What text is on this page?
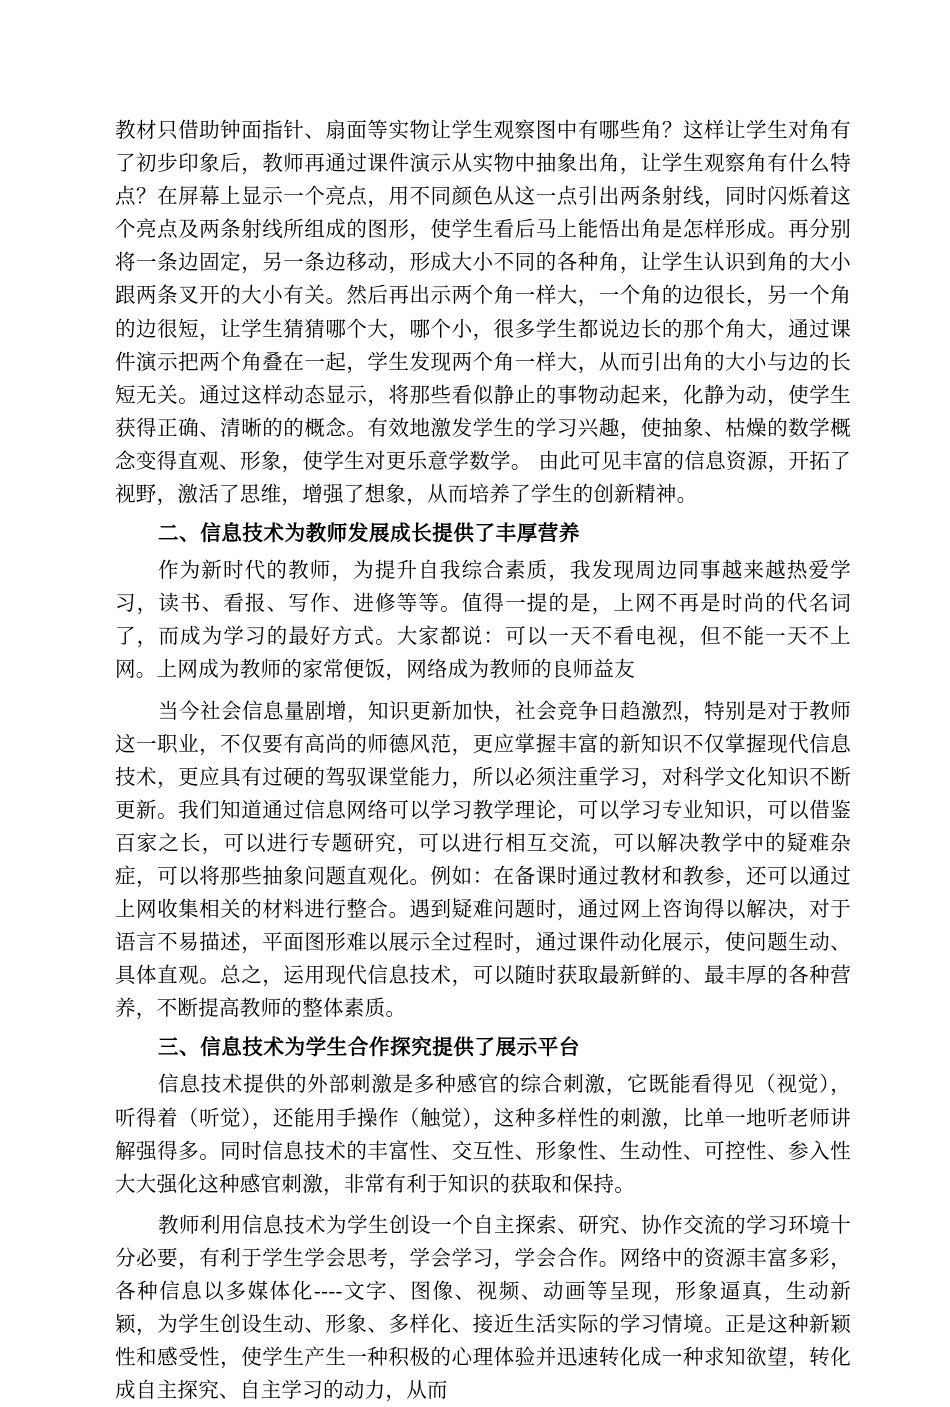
教材只借助钟面指针、扇面等实物让学生观察图中有哪些角？这样让学生对角有了初步印象后，教师再通过课件演示从实物中抽象出角，让学生观察角有什么特点？在屏幕上显示一个亮点，用不同颜色从这一点引出两条射线，同时闪烁着这个亮点及两条射线所组成的图形，使学生看后马上能悟出角是怎样形成。再分别将一条边固定，另一条边移动，形成大小不同的各种角，让学生认识到角的大小跟两条叉开的大小有关。然后再出示两个角一样大，一个角的边很长，另一个角的边很短，让学生猜猜哪个大，哪个小，很多学生都说边长的那个角大，通过课件演示把两个角叠在一起，学生发现两个角一样大，从而引出角的大小与边的长短无关。通过这样动态显示，将那些看似静止的事物动起来，化静为动，使学生获得正确、清晰的的概念。有效地激发学生的学习兴趣，使抽象、枯燥的数学概念变得直观、形象，使学生对更乐意学数学。 由此可见丰富的信息资源，开拓了视野，激活了思维，增强了想象，从而培养了学生的创新精神。

二、信息技术为教师发展成长提供了丰厚营养

作为新时代的教师，为提升自我综合素质，我发现周边同事越来越热爱学习，读书、看报、写作、进修等等。值得一提的是，上网不再是时尚的代名词了，而成为学习的最好方式。大家都说：可以一天不看电视，但不能一天不上网。上网成为教师的家常便饭，网络成为教师的良师益友

当今社会信息量剧增，知识更新加快，社会竞争日趋激烈，特别是对于教师这一职业，不仅要有高尚的师德风范，更应掌握丰富的新知识不仅掌握现代信息技术，更应具有过硬的驾驭课堂能力，所以必须注重学习，对科学文化知识不断更新。我们知道通过信息网络可以学习教学理论，可以学习专业知识，可以借鉴百家之长，可以进行专题研究，可以进行相互交流，可以解决教学中的疑难杂症，可以将那些抽象问题直观化。例如：在备课时通过教材和教参，还可以通过上网收集相关的材料进行整合。遇到疑难问题时，通过网上咨询得以解决，对于语言不易描述，平面图形难以展示全过程时，通过课件动化展示，使问题生动、具体直观。总之，运用现代信息技术，可以随时获取最新鲜的、最丰厚的各种营养，不断提高教师的整体素质。

三、信息技术为学生合作探究提供了展示平台

信息技术提供的外部刺激是多种感官的综合刺激，它既能看得见（视觉），听得着（听觉），还能用手操作（触觉），这种多样性的刺激，比单一地听老师讲解强得多。同时信息技术的丰富性、交互性、形象性、生动性、可控性、参入性大大强化这种感官刺激，非常有利于知识的获取和保持。

教师利用信息技术为学生创设一个自主探索、研究、协作交流的学习环境十分必要，有利于学生学会思考，学会学习，学会合作。网络中的资源丰富多彩，各种信息以多媒体化----文字、图像、视频、动画等呈现，形象逼真，生动新颖，为学生创设生动、形象、多样化、接近生活实际的学习情境。正是这种新颖性和感受性，使学生产生一种积极的心理体验并迅速转化成一种求知欲望，转化成自主探究、自主学习的动力，从而
